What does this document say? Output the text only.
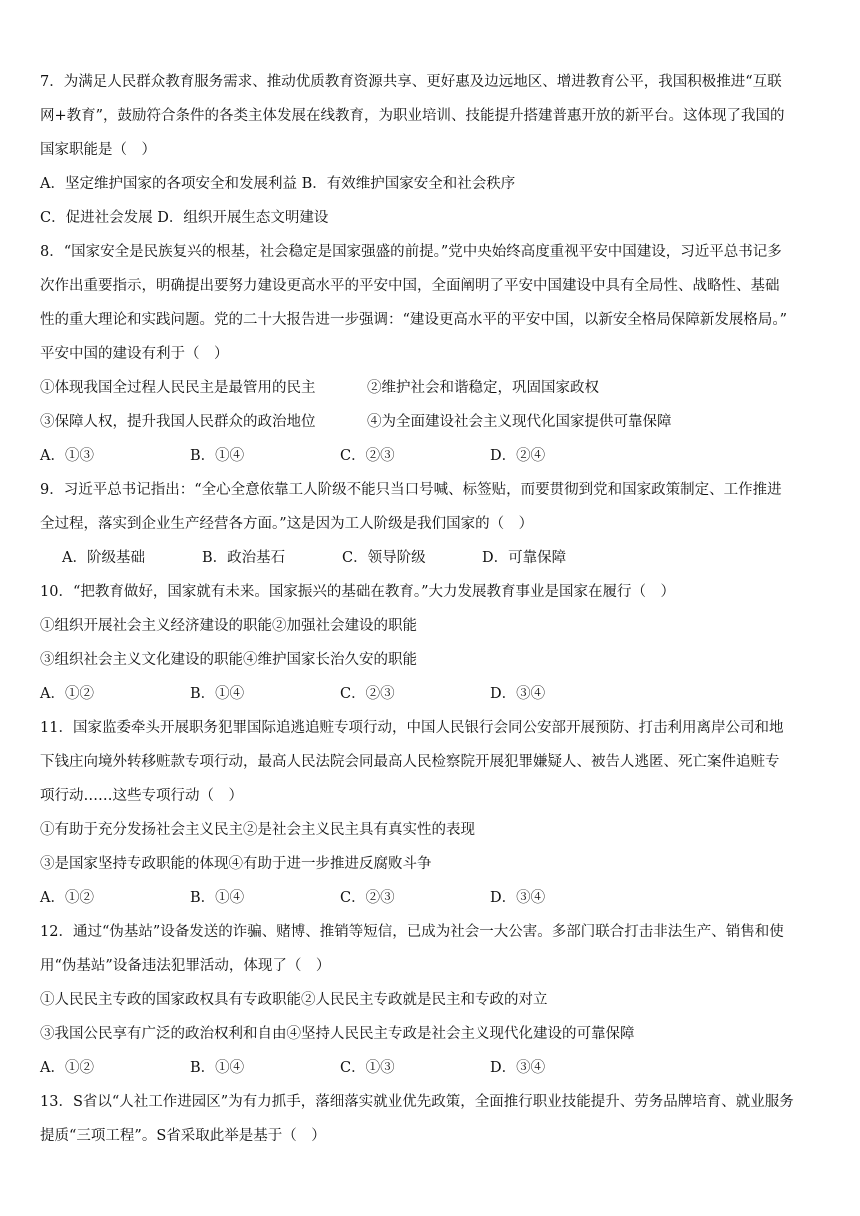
7．为满足人民群众教育服务需求、推动优质教育资源共享、更好惠及边远地区、增进教育公平，我国积极推进“互联
网+教育”，鼓励符合条件的各类主体发展在线教育，为职业培训、技能提升搭建普惠开放的新平台。这体现了我国的
国家职能是（　）
A．坚定维护国家的各项安全和发展利益 B．有效维护国家安全和社会秩序
C．促进社会发展 D．组织开展生态文明建设
8．“国家安全是民族复兴的根基，社会稳定是国家强盛的前提。”党中央始终高度重视平安中国建设，习近平总书记多
次作出重要指示，明确提出要努力建设更高水平的平安中国，全面阐明了平安中国建设中具有全局性、战略性、基础
性的重大理论和实践问题。党的二十大报告进一步强调：“建设更高水平的平安中国，以新安全格局保障新发展格局。”
平安中国的建设有利于（　）
①体现我国全过程人民民主是最管用的民主	②维护社会和谐稳定，巩固国家政权
③保障人权，提升我国人民群众的政治地位	④为全面建设社会主义现代化国家提供可靠保障
A．①③	B．①④	C．②③	D．②④
9．习近平总书记指出：“全心全意依靠工人阶级不能只当口号喊、标签贴，而要贯彻到党和国家政策制定、工作推进
全过程，落实到企业生产经营各方面。”这是因为工人阶级是我们国家的（　）
A．阶级基础	B．政治基石	C．领导阶级	D．可靠保障
10．“把教育做好，国家就有未来。国家振兴的基础在教育。”大力发展教育事业是国家在履行（　）
①组织开展社会主义经济建设的职能②加强社会建设的职能
③组织社会主义文化建设的职能④维护国家长治久安的职能
A．①②	B．①④	C．②③	D．③④
11．国家监委牵头开展职务犯罪国际追逃追赃专项行动，中国人民银行会同公安部开展预防、打击利用离岸公司和地
下钱庄向境外转移赃款专项行动，最高人民法院会同最高人民检察院开展犯罪嫌疑人、被告人逃匿、死亡案件追赃专
项行动……这些专项行动（　）
①有助于充分发扬社会主义民主②是社会主义民主具有真实性的表现
③是国家坚持专政职能的体现④有助于进一步推进反腐败斗争
A．①②	B．①④	C．②③	D．③④
12．通过“伪基站”设备发送的诈骗、赌博、推销等短信，已成为社会一大公害。多部门联合打击非法生产、销售和使
用“伪基站”设备违法犯罪活动，体现了（　）
①人民民主专政的国家政权具有专政职能②人民民主专政就是民主和专政的对立
③我国公民享有广泛的政治权利和自由④坚持人民民主专政是社会主义现代化建设的可靠保障
A．①②	B．①④	C．①③	D．③④
13．S省以“人社工作进园区”为有力抓手，落细落实就业优先政策，全面推行职业技能提升、劳务品牌培育、就业服务
提质“三项工程”。S省采取此举是基于（　）
